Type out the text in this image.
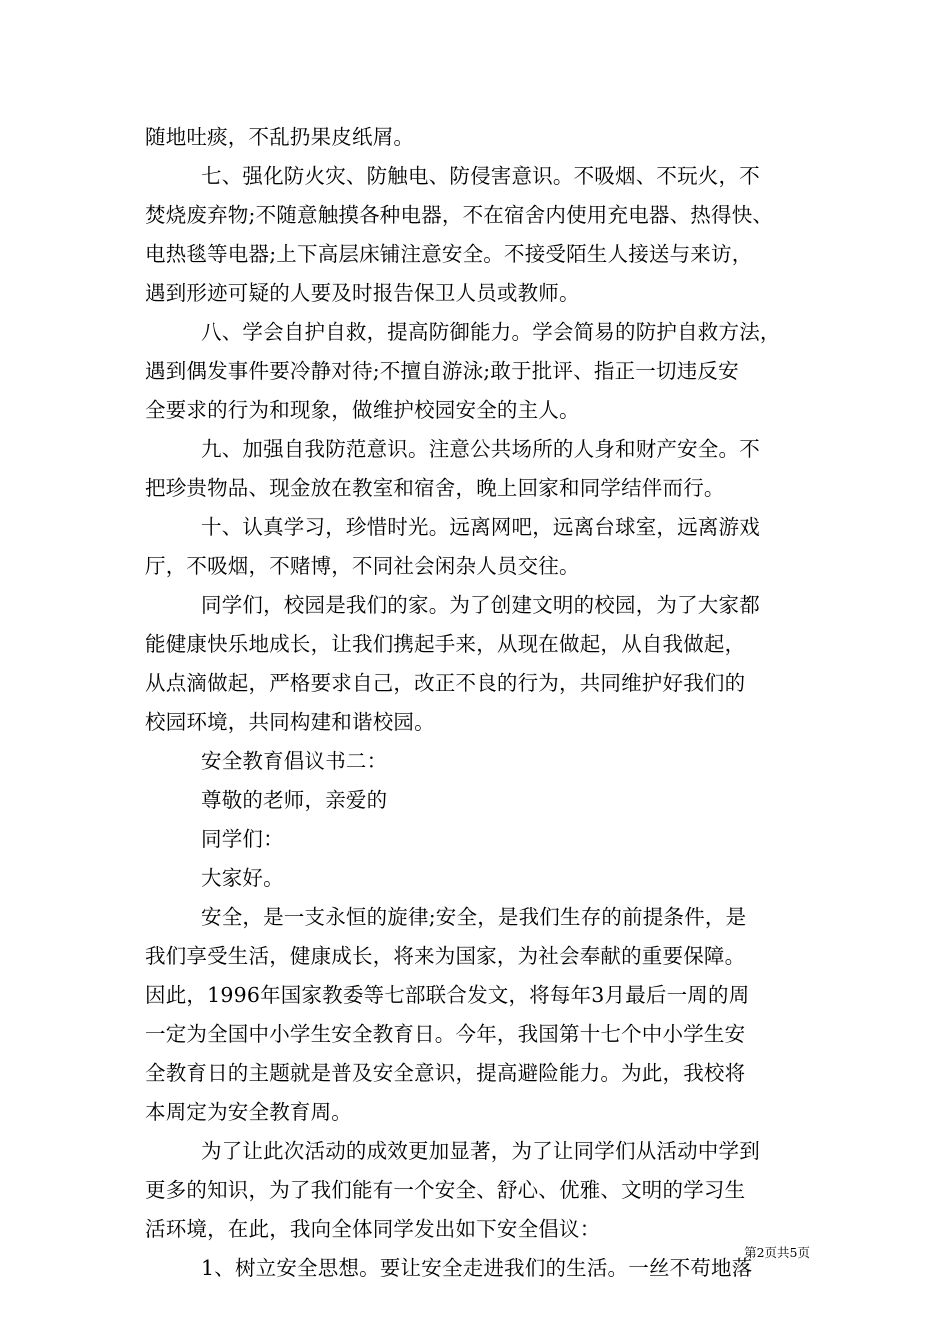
随地吐痰，不乱扔果皮纸屑。
七、强化防火灾、防触电、防侵害意识。不吸烟、不玩火，不
焚烧废弃物;不随意触摸各种电器，不在宿舍内使用充电器、热得快、
电热毯等电器;上下高层床铺注意安全。不接受陌生人接送与来访，
遇到形迹可疑的人要及时报告保卫人员或教师。
八、学会自护自救，提高防御能力。学会简易的防护自救方法，
遇到偶发事件要冷静对待;不擅自游泳;敢于批评、指正一切违反安
全要求的行为和现象，做维护校园安全的主人。
九、加强自我防范意识。注意公共场所的人身和财产安全。不
把珍贵物品、现金放在教室和宿舍，晚上回家和同学结伴而行。
十、认真学习，珍惜时光。远离网吧，远离台球室，远离游戏
厅，不吸烟，不赌博，不同社会闲杂人员交往。
同学们，校园是我们的家。为了创建文明的校园，为了大家都
能健康快乐地成长，让我们携起手来，从现在做起，从自我做起，
从点滴做起，严格要求自己，改正不良的行为，共同维护好我们的
校园环境，共同构建和谐校园。
安全教育倡议书二：
尊敬的老师，亲爱的
同学们：
大家好。
安全，是一支永恒的旋律;安全，是我们生存的前提条件，是
我们享受生活，健康成长，将来为国家，为社会奉献的重要保障。
因此，1996年国家教委等七部联合发文，将每年3月最后一周的周
一定为全国中小学生安全教育日。今年，我国第十七个中小学生安
全教育日的主题就是普及安全意识，提高避险能力。为此，我校将
本周定为安全教育周。
为了让此次活动的成效更加显著，为了让同学们从活动中学到
更多的知识，为了我们能有一个安全、舒心、优雅、文明的学习生
活环境，在此，我向全体同学发出如下安全倡议：
1、树立安全思想。要让安全走进我们的生活。一丝不苟地落
第2页共5页
